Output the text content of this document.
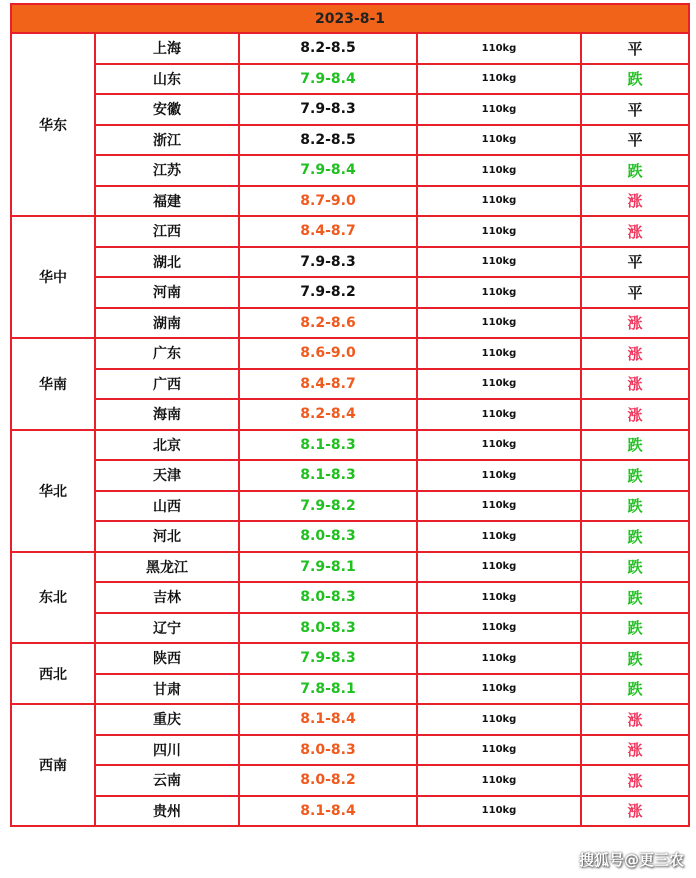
2023-8-1				
华东	上海	8.2-8.5	110kg	平
	山东	7.9-8.4	110kg	跌
	安徽	7.9-8.3	110kg	平
	浙江	8.2-8.5	110kg	平
	江苏	7.9-8.4	110kg	跌
	福建	8.7-9.0	110kg	涨
华中	江西	8.4-8.7	110kg	涨
	湖北	7.9-8.3	110kg	平
	河南	7.9-8.2	110kg	平
	湖南	8.2-8.6	110kg	涨
华南	广东	8.6-9.0	110kg	涨
	广西	8.4-8.7	110kg	涨
	海南	8.2-8.4	110kg	涨
华北	北京	8.1-8.3	110kg	跌
	天津	8.1-8.3	110kg	跌
	山西	7.9-8.2	110kg	跌
	河北	8.0-8.3	110kg	跌
东北	黑龙江	7.9-8.1	110kg	跌
	吉林	8.0-8.3	110kg	跌
	辽宁	8.0-8.3	110kg	跌
西北	陕西	7.9-8.3	110kg	跌
	甘肃	7.8-8.1	110kg	跌
西南	重庆	8.1-8.4	110kg	涨
	四川	8.0-8.3	110kg	涨
	云南	8.0-8.2	110kg	涨
	贵州	8.1-8.4	110kg	涨
搜狐号@更三农
